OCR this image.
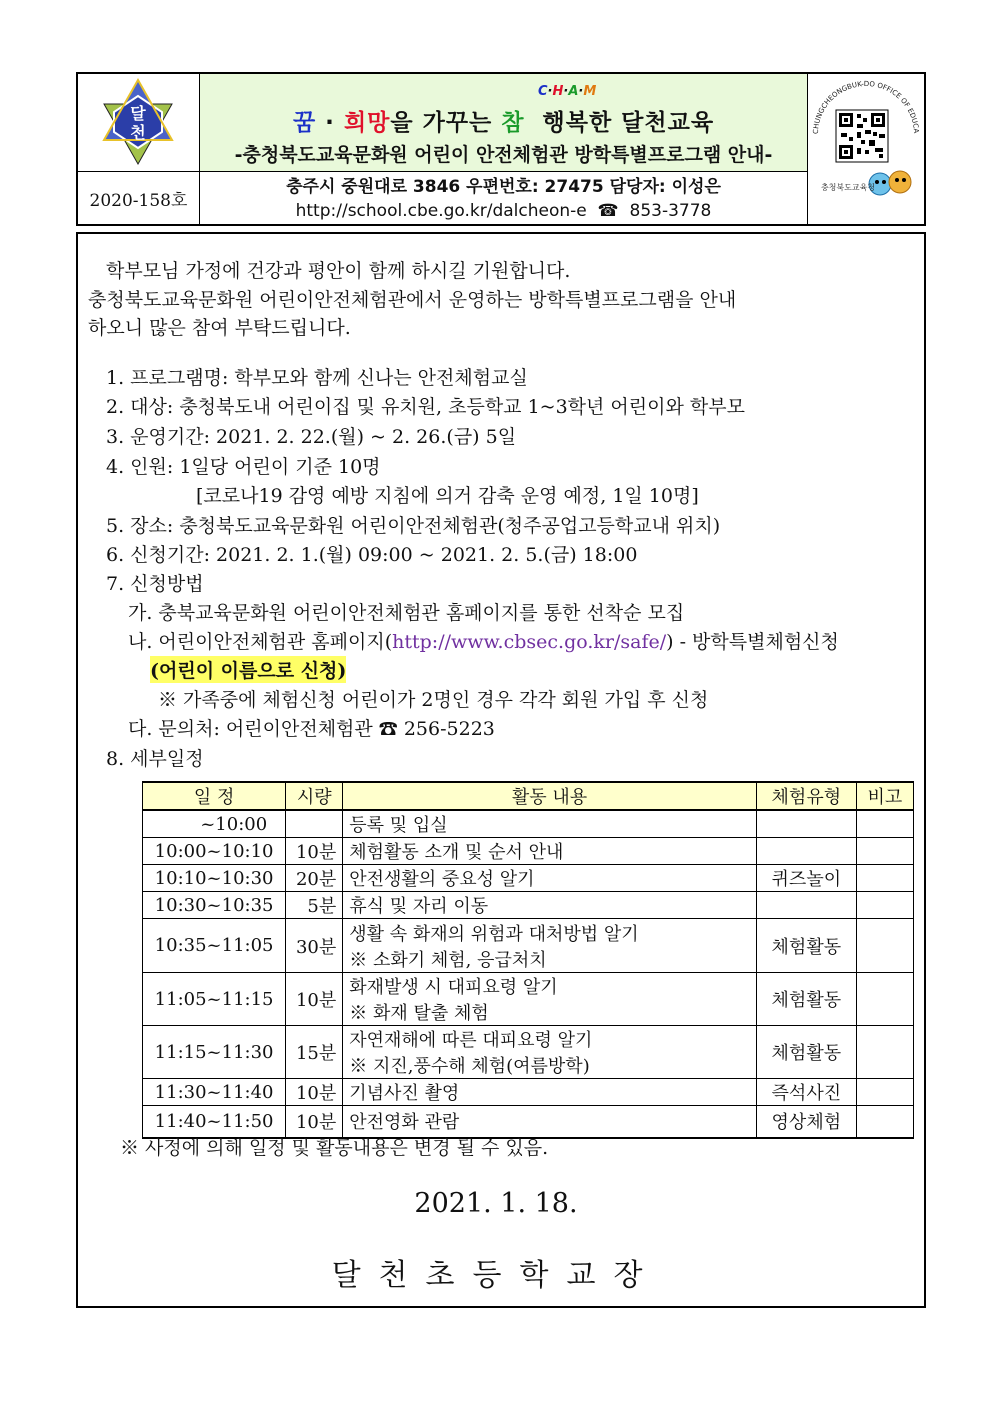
달
천
C·H·A·M
꿈 · 희망을 가꾸는 참 행복한 달천교육
-충청북도교육문화원 어린이 안전체험관 방학특별프로그램 안내-
CHUNGCHEONGBUK-DO OFFICE OF EDUCA
충청북도교육청
2020-158호
충주시 중원대로 3846 우편번호: 27475 담당자: 이성은
http://school.cbe.go.kr/dalcheon-e  ☎  853-3778
학부모님 가정에 건강과 평안이 함께 하시길 기원합니다.
충청북도교육문화원 어린이안전체험관에서 운영하는 방학특별프로그램을 안내
하오니 많은 참여 부탁드립니다.
1. 프로그램명: 학부모와 함께 신나는 안전체험교실
2. 대상: 충청북도내 어린이집 및 유치원, 초등학교 1~3학년 어린이와 학부모
3. 운영기간: 2021. 2. 22.(월) ~ 2. 26.(금) 5일
4. 인원: 1일당 어린이 기준 10명
[코로나19 감영 예방 지침에 의거 감축 운영 예정, 1일 10명]
5. 장소: 충청북도교육문화원 어린이안전체험관(청주공업고등학교내 위치)
6. 신청기간: 2021. 2. 1.(월) 09:00 ~ 2021. 2. 5.(금) 18:00
7. 신청방법
가. 충북교육문화원 어린이안전체험관 홈페이지를 통한 선착순 모집
나. 어린이안전체험관 홈페이지(http://www.cbsec.go.kr/safe/) - 방학특별체험신청
(어린이 이름으로 신청)
※ 가족중에 체험신청 어린이가 2명인 경우 각각 회원 가입 후 신청
다. 문의처: 어린이안전체험관 ☎ 256-5223
8. 세부일정
일 정	시량	활동 내용	체험유형	비고
~10:00		등록 및 입실		
10:00~10:10	10분	체험활동 소개 및 순서 안내		
10:10~10:30	20분	안전생활의 중요성 알기	퀴즈놀이	
10:30~10:35	5분	휴식 및 자리 이동		
10:35~11:05	30분	생활 속 화재의 위험과 대처방법 알기
※ 소화기 체험, 응급처치	체험활동	
11:05~11:15	10분	화재발생 시 대피요령 알기
※ 화재 탈출 체험	체험활동	
11:15~11:30	15분	자연재해에 따른 대피요령 알기
※ 지진,풍수해 체험(여름방학)	체험활동	
11:30~11:40	10분	기념사진 촬영	즉석사진	
11:40~11:50	10분	안전영화 관람	영상체험	
※ 사정에 의해 일정 및 활동내용은 변경 될 수 있음.
2021. 1. 18.
달천초등학교장
